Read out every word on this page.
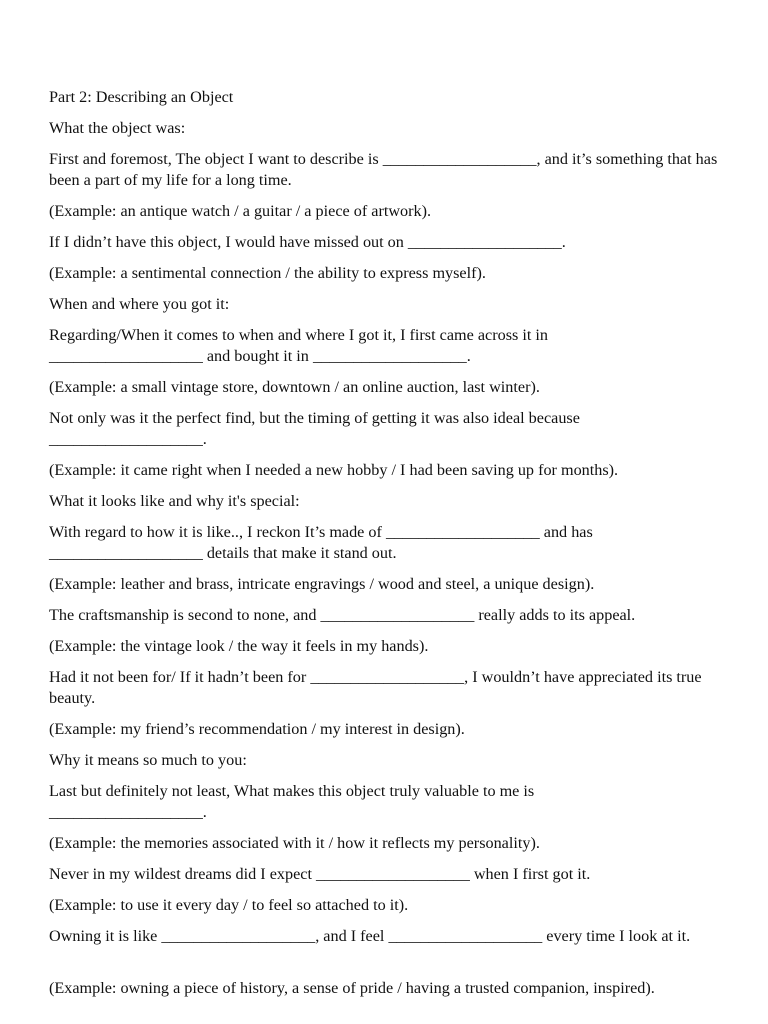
Part 2: Describing an Object

What the object was:

First and foremost, The object I want to describe is ___________________, and it’s something that has been a part of my life for a long time.

(Example: an antique watch / a guitar / a piece of artwork).

If I didn’t have this object, I would have missed out on ___________________.

(Example: a sentimental connection / the ability to express myself).

When and where you got it:

Regarding/When it comes to when and where I got it, I first came across it in ___________________ and bought it in ___________________.

(Example: a small vintage store, downtown / an online auction, last winter).

Not only was it the perfect find, but the timing of getting it was also ideal because ___________________.

(Example: it came right when I needed a new hobby / I had been saving up for months).

What it looks like and why it's special:

With regard to how it is like.., I reckon It’s made of ___________________ and has ___________________ details that make it stand out.

(Example: leather and brass, intricate engravings / wood and steel, a unique design).

The craftsmanship is second to none, and ___________________ really adds to its appeal.

(Example: the vintage look / the way it feels in my hands).

Had it not been for/ If it hadn’t been for ___________________, I wouldn’t have appreciated its true beauty.

(Example: my friend’s recommendation / my interest in design).

Why it means so much to you:

Last but definitely not least, What makes this object truly valuable to me is ___________________.

(Example: the memories associated with it / how it reflects my personality).

Never in my wildest dreams did I expect ___________________ when I first got it.

(Example: to use it every day / to feel so attached to it).

Owning it is like ___________________, and I feel ___________________ every time I look at it.

(Example: owning a piece of history, a sense of pride / having a trusted companion, inspired).
